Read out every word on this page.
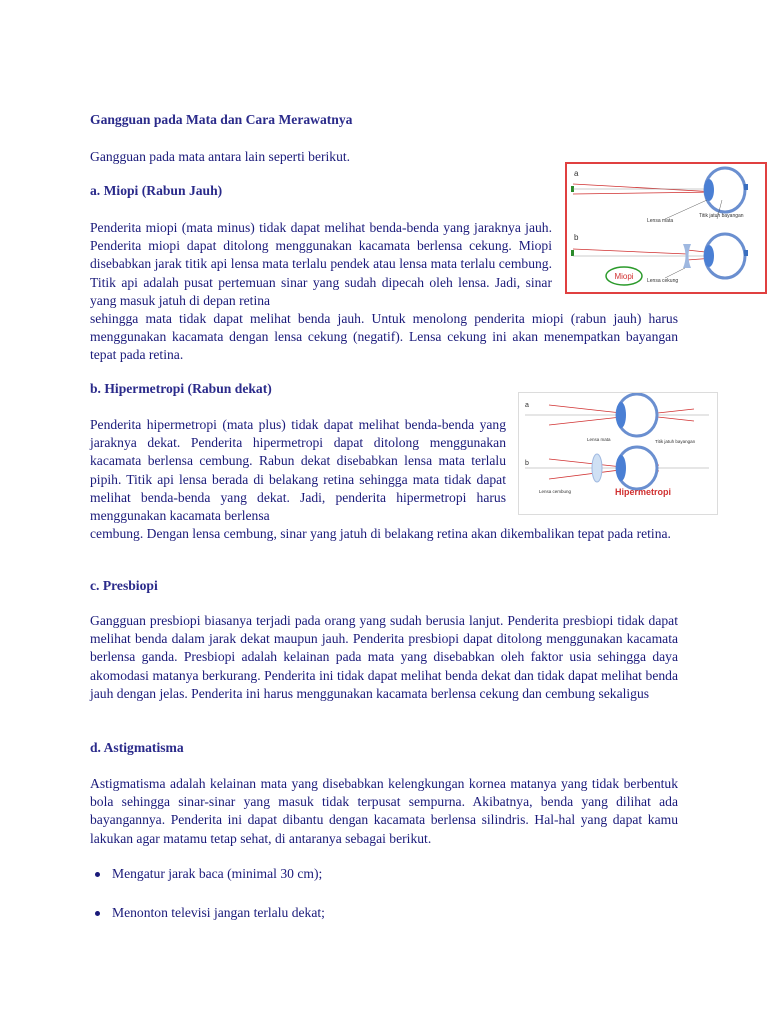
Gangguan pada Mata dan Cara Merawatnya

Gangguan pada mata antara lain seperti berikut.

a. Miopi (Rabun Jauh)

a
Lensa mata
Titik jatuh bayangan
b
Lensa cekung
Miopi

Penderita miopi (mata minus) tidak dapat melihat benda-benda yang jaraknya jauh. Penderita miopi dapat ditolong menggunakan kacamata berlensa cekung. Miopi disebabkan jarak titik api lensa mata terlalu pendek atau lensa mata terlalu cembung. Titik api adalah pusat pertemuan sinar yang sudah dipecah oleh lensa. Jadi, sinar yang masuk jatuh di depan retina

sehingga mata tidak dapat melihat benda jauh. Untuk menolong penderita miopi (rabun jauh) harus menggunakan kacamata dengan lensa cekung (negatif). Lensa cekung ini akan menempatkan bayangan tepat pada retina.

b. Hipermetropi (Rabun dekat)

a
Lensa mata	Titik jatuh bayangan
b
Lensa cembung	Hipermetropi

Penderita hipermetropi (mata plus) tidak dapat melihat benda-benda yang jaraknya dekat. Penderita hipermetropi dapat ditolong menggunakan kacamata berlensa cembung. Rabun dekat disebabkan lensa mata terlalu pipih. Titik api lensa berada di belakang retina sehingga mata tidak dapat melihat benda-benda yang dekat. Jadi, penderita hipermetropi harus menggunakan kacamata berlensa

cembung. Dengan lensa cembung, sinar yang jatuh di belakang retina akan dikembalikan tepat pada retina.

c. Presbiopi

Gangguan presbiopi biasanya terjadi pada orang yang sudah berusia lanjut. Penderita presbiopi tidak dapat melihat benda dalam jarak dekat maupun jauh. Penderita presbiopi dapat ditolong menggunakan kacamata berlensa ganda. Presbiopi adalah kelainan pada mata yang disebabkan oleh faktor usia sehingga daya akomodasi matanya berkurang. Penderita ini tidak dapat melihat benda dekat dan tidak dapat melihat benda jauh dengan jelas. Penderita ini harus menggunakan kacamata berlensa cekung dan cembung sekaligus

d. Astigmatisma

Astigmatisma adalah kelainan mata yang disebabkan kelengkungan kornea matanya yang tidak berbentuk bola sehingga sinar-sinar yang masuk tidak terpusat sempurna. Akibatnya, benda yang dilihat ada bayangannya. Penderita ini dapat dibantu dengan kacamata berlensa silindris. Hal-hal yang dapat kamu lakukan agar matamu tetap sehat, di antaranya sebagai berikut.

Mengatur jarak baca (minimal 30 cm);

Menonton televisi jangan terlalu dekat;
